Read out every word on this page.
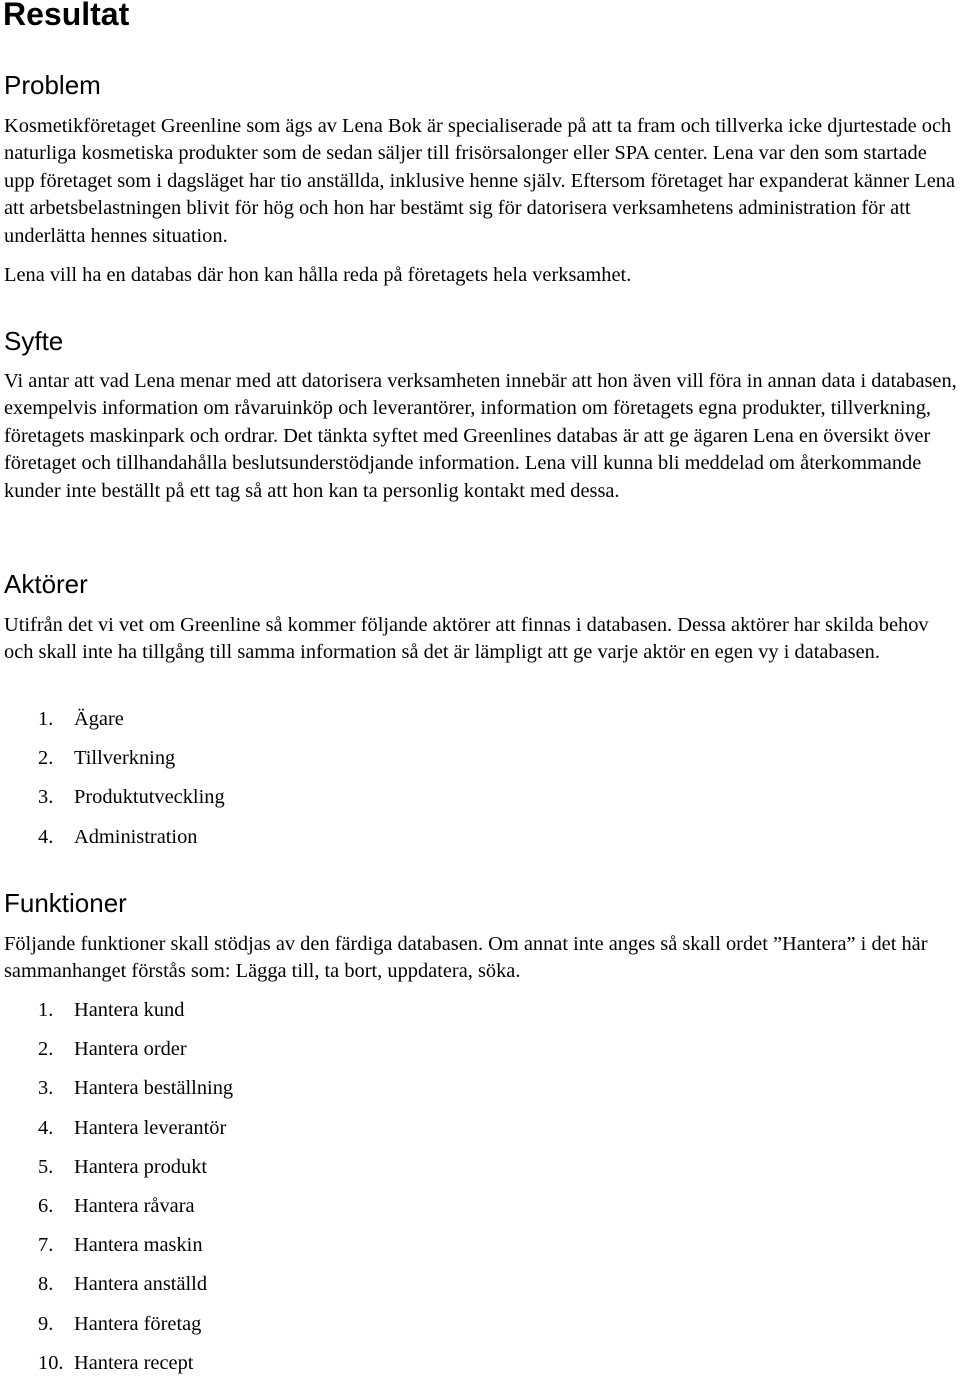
Resultat
Problem

Kosmetikföretaget Greenline som ägs av Lena Bok är specialiserade på att ta fram och tillverka icke djurtestade och naturliga kosmetiska produkter som de sedan säljer till frisörsalonger eller SPA center. Lena var den som startade upp företaget som i dagsläget har tio anställda, inklusive henne själv. Eftersom företaget har expanderat känner Lena att arbetsbelastningen blivit för hög och hon har bestämt sig för datorisera verksamhetens administration för att underlätta hennes situation.

Lena vill ha en databas där hon kan hålla reda på företagets hela verksamhet.

Syfte

Vi antar att vad Lena menar med att datorisera verksamheten innebär att hon även vill föra in annan data i databasen, exempelvis information om råvaruinköp och leverantörer, information om företagets egna produkter, tillverkning, företagets maskinpark och ordrar. Det tänkta syftet med Greenlines databas är att ge ägaren Lena en översikt över företaget och tillhandahålla beslutsunderstödjande information. Lena vill kunna bli meddelad om återkommande kunder inte beställt på ett tag så att hon kan ta personlig kontakt med dessa.

Aktörer

Utifrån det vi vet om Greenline så kommer följande aktörer att finnas i databasen. Dessa aktörer har skilda behov och skall inte ha tillgång till samma information så det är lämpligt att ge varje aktör en egen vy i databasen.

1. Ägare
2. Tillverkning
3. Produktutveckling
4. Administration
Funktioner

Följande funktioner skall stödjas av den färdiga databasen. Om annat inte anges så skall ordet ”Hantera” i det här sammanhanget förstås som: Lägga till, ta bort, uppdatera, söka.

1. Hantera kund
2. Hantera order
3. Hantera beställning
4. Hantera leverantör
5. Hantera produkt
6. Hantera råvara
7. Hantera maskin
8. Hantera anställd
9. Hantera företag
10. Hantera recept
